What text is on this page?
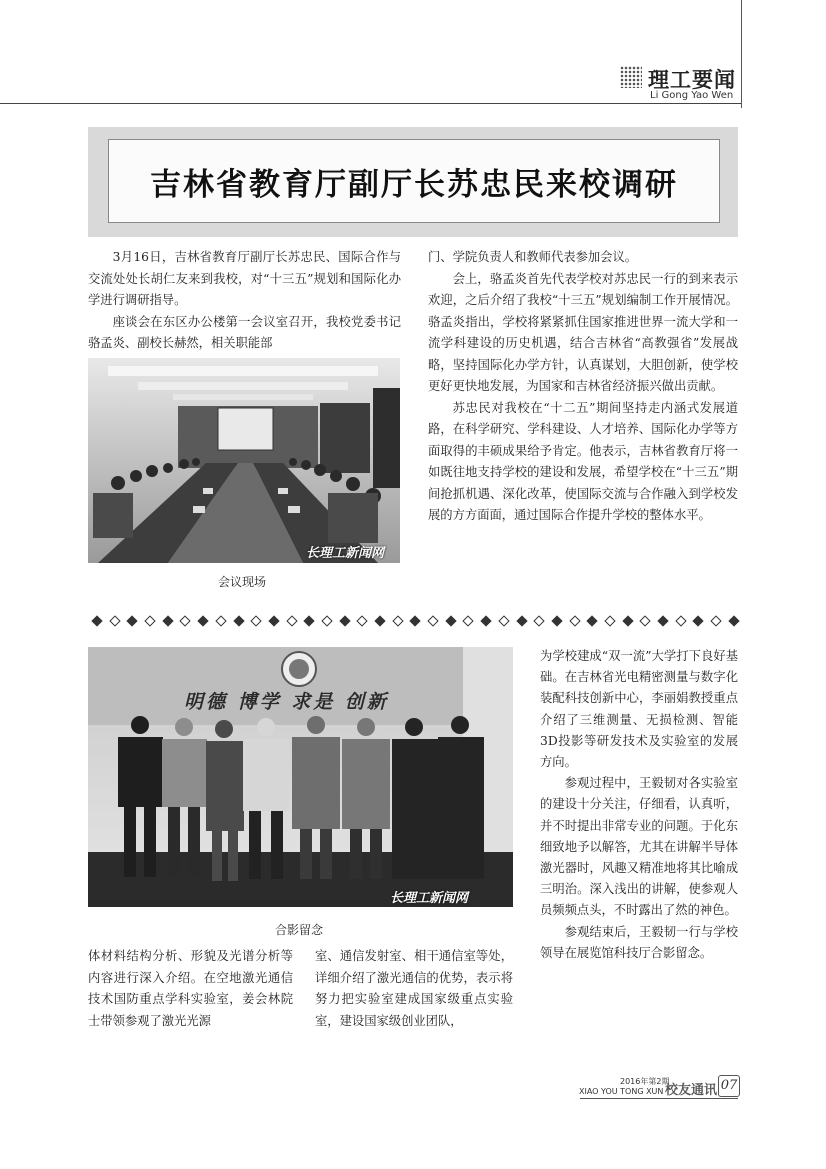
理工要闻
Li Gong Yao Wen
吉林省教育厅副厅长苏忠民来校调研

3月16日，吉林省教育厅副厅长苏忠民、国际合作与交流处处长胡仁友来到我校，对“十三五”规划和国际化办学进行调研指导。

座谈会在东区办公楼第一会议室召开，我校党委书记骆孟炎、副校长赫然，相关职能部

长理工新闻网
会议现场

门、学院负责人和教师代表参加会议。

会上，骆孟炎首先代表学校对苏忠民一行的到来表示欢迎，之后介绍了我校“十三五”规划编制工作开展情况。骆孟炎指出，学校将紧紧抓住国家推进世界一流大学和一流学科建设的历史机遇，结合吉林省“高教强省”发展战略，坚持国际化办学方针，认真谋划，大胆创新，使学校更好更快地发展，为国家和吉林省经济振兴做出贡献。

苏忠民对我校在“十二五”期间坚持走内涵式发展道路，在科学研究、学科建设、人才培养、国际化办学等方面取得的丰硕成果给予肯定。他表示，吉林省教育厅将一如既往地支持学校的建设和发展，希望学校在“十三五”期间抢抓机遇、深化改革，使国际交流与合作融入到学校发展的方方面面，通过国际合作提升学校的整体水平。

明德 博学 求是 创新
长理工新闻网
合影留念

为学校建成“双一流”大学打下良好基础。在吉林省光电精密测量与数字化装配科技创新中心，李丽娟教授重点介绍了三维测量、无损检测、智能3D投影等研发技术及实验室的发展方向。

参观过程中，王毅韧对各实验室的建设十分关注，仔细看，认真听，并不时提出非常专业的问题。于化东细致地予以解答，尤其在讲解半导体激光器时，风趣又精准地将其比喻成三明治。深入浅出的讲解，使参观人员频频点头，不时露出了然的神色。

参观结束后，王毅韧一行与学校领导在展览馆科技厅合影留念。

体材料结构分析、形貌及光谱分析等内容进行深入介绍。在空地激光通信技术国防重点学科实验室，姜会林院士带领参观了激光光源

室、通信发射室、相干通信室等处，详细介绍了激光通信的优势，表示将努力把实验室建成国家级重点实验室，建设国家级创业团队，

2016年第2期
XIAO YOU TONG XUN 校友通讯 07
